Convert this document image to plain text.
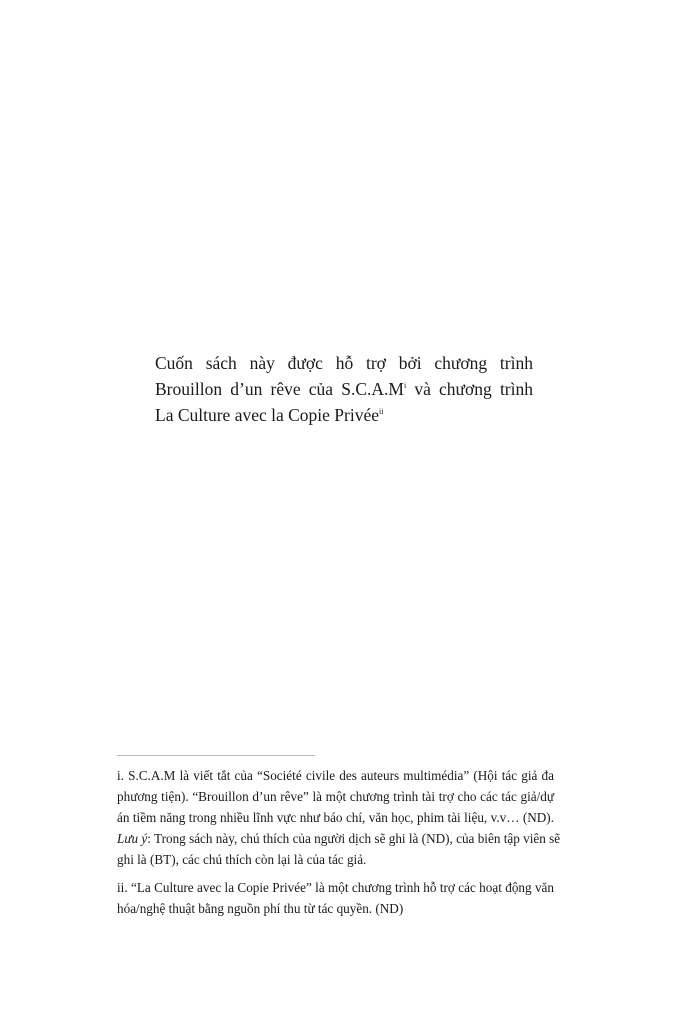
Cuốn sách này được hỗ trợ bởi chương trình
Brouillon d’un rêve của $S.C.A.M^i$ và chương trình
La Culture avec la Copie Privée$^{ii}$
i. S.C.A.M là viết tắt của “Société civile des auteurs multimédia” (Hội tác giả đa
phương tiện). “Brouillon d’un rêve” là một chương trình tài trợ cho các tác giả/dự
án tiềm năng trong nhiều lĩnh vực như báo chí, văn học, phim tài liệu, v.v… (ND).
Lưu ý: Trong sách này, chú thích của người dịch sẽ ghi là (ND), của biên tập viên sẽ
ghi là (BT), các chú thích còn lại là của tác giả.
ii. “La Culture avec la Copie Privée” là một chương trình hỗ trợ các hoạt động văn
hóa/nghệ thuật bằng nguồn phí thu từ tác quyền. (ND)
